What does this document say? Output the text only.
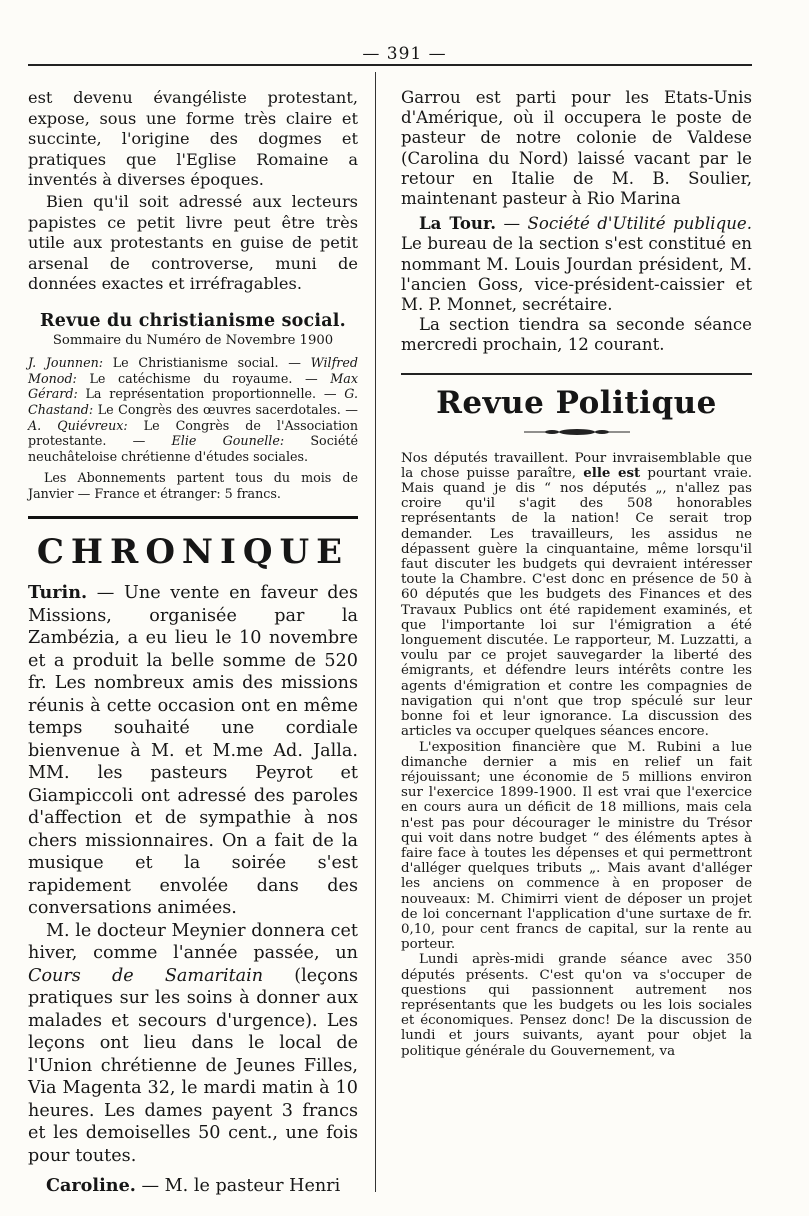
— 391 —

est devenu évangéliste protestant, expose, sous une forme très claire et succinte, l'origine des dogmes et pratiques que l'Eglise Romaine a inventés à diverses époques.

Bien qu'il soit adressé aux lecteurs papistes ce petit livre peut être très utile aux protestants en guise de petit arsenal de controverse, muni de données exactes et irréfragables.

Revue du christianisme social.
Sommaire du Numéro de Novembre 1900

J. Jounnen: Le Christianisme social. — Wilfred Monod: Le catéchisme du royaume. — Max Gérard: La représentation proportionnelle. — G. Chastand: Le Congrès des œuvres sacerdotales. — A. Quiévreux: Le Congrès de l'Association protestante. — Elie Gounelle: Société neuchâteloise chrétienne d'études sociales.

Les Abonnements partent tous du mois de Janvier — France et étranger: 5 francs.

CHRONIQUE

Turin. — Une vente en faveur des Missions, organisée par la Zambézia, a eu lieu le 10 novembre et a produit la belle somme de 520 fr. Les nombreux amis des missions réunis à cette occasion ont en même temps souhaité une cordiale bienvenue à M. et M.me Ad. Jalla. MM. les pasteurs Peyrot et Giampiccoli ont adressé des paroles d'affection et de sympathie à nos chers missionnaires. On a fait de la musique et la soirée s'est rapidement envolée dans des conversations animées.

M. le docteur Meynier donnera cet hiver, comme l'année passée, un Cours de Samaritain (leçons pratiques sur les soins à donner aux malades et secours d'urgence). Les leçons ont lieu dans le local de l'Union chrétienne de Jeunes Filles, Via Magenta 32, le mardi matin à 10 heures. Les dames payent 3 francs et les demoiselles 50 cent., une fois pour toutes.

Caroline. — M. le pasteur Henri

Garrou est parti pour les Etats-Unis d'Amérique, où il occupera le poste de pasteur de notre colonie de Valdese (Carolina du Nord) laissé vacant par le retour en Italie de M. B. Soulier, maintenant pasteur à Rio Marina

La Tour. — Société d'Utilité publique. Le bureau de la section s'est constitué en nommant M. Louis Jourdan président, M. l'ancien Goss, vice-président-caissier et M. P. Monnet, secrétaire.

La section tiendra sa seconde séance mercredi prochain, 12 courant.

Revue Politique

Nos députés travaillent. Pour invraisemblable que la chose puisse paraître, elle est pourtant vraie. Mais quand je dis “ nos députés „, n'allez pas croire qu'il s'agit des 508 honorables représentants de la nation! Ce serait trop demander. Les travailleurs, les assidus ne dépassent guère la cinquantaine, même lorsqu'il faut discuter les budgets qui devraient intéresser toute la Chambre. C'est donc en présence de 50 à 60 députés que les budgets des Finances et des Travaux Publics ont été rapidement examinés, et que l'importante loi sur l'émigration a été longuement discutée. Le rapporteur, M. Luzzatti, a voulu par ce projet sauvegarder la liberté des émigrants, et défendre leurs intérêts contre les agents d'émigration et contre les compagnies de navigation qui n'ont que trop spéculé sur leur bonne foi et leur ignorance. La discussion des articles va occuper quelques séances encore.

L'exposition financière que M. Rubini a lue dimanche dernier a mis en relief un fait réjouissant; une économie de 5 millions environ sur l'exercice 1899-1900. Il est vrai que l'exercice en cours aura un déficit de 18 millions, mais cela n'est pas pour décourager le ministre du Trésor qui voit dans notre budget “ des éléments aptes à faire face à toutes les dépenses et qui permettront d'alléger quelques tributs „. Mais avant d'alléger les anciens on commence à en proposer de nouveaux: M. Chimirri vient de déposer un projet de loi concernant l'application d'une surtaxe de fr. 0,10, pour cent francs de capital, sur la rente au porteur.

Lundi après-midi grande séance avec 350 députés présents. C'est qu'on va s'occuper de questions qui passionnent autrement nos représentants que les budgets ou les lois sociales et économiques. Pensez donc! De la discussion de lundi et jours suivants, ayant pour objet la politique générale du Gouvernement, va
